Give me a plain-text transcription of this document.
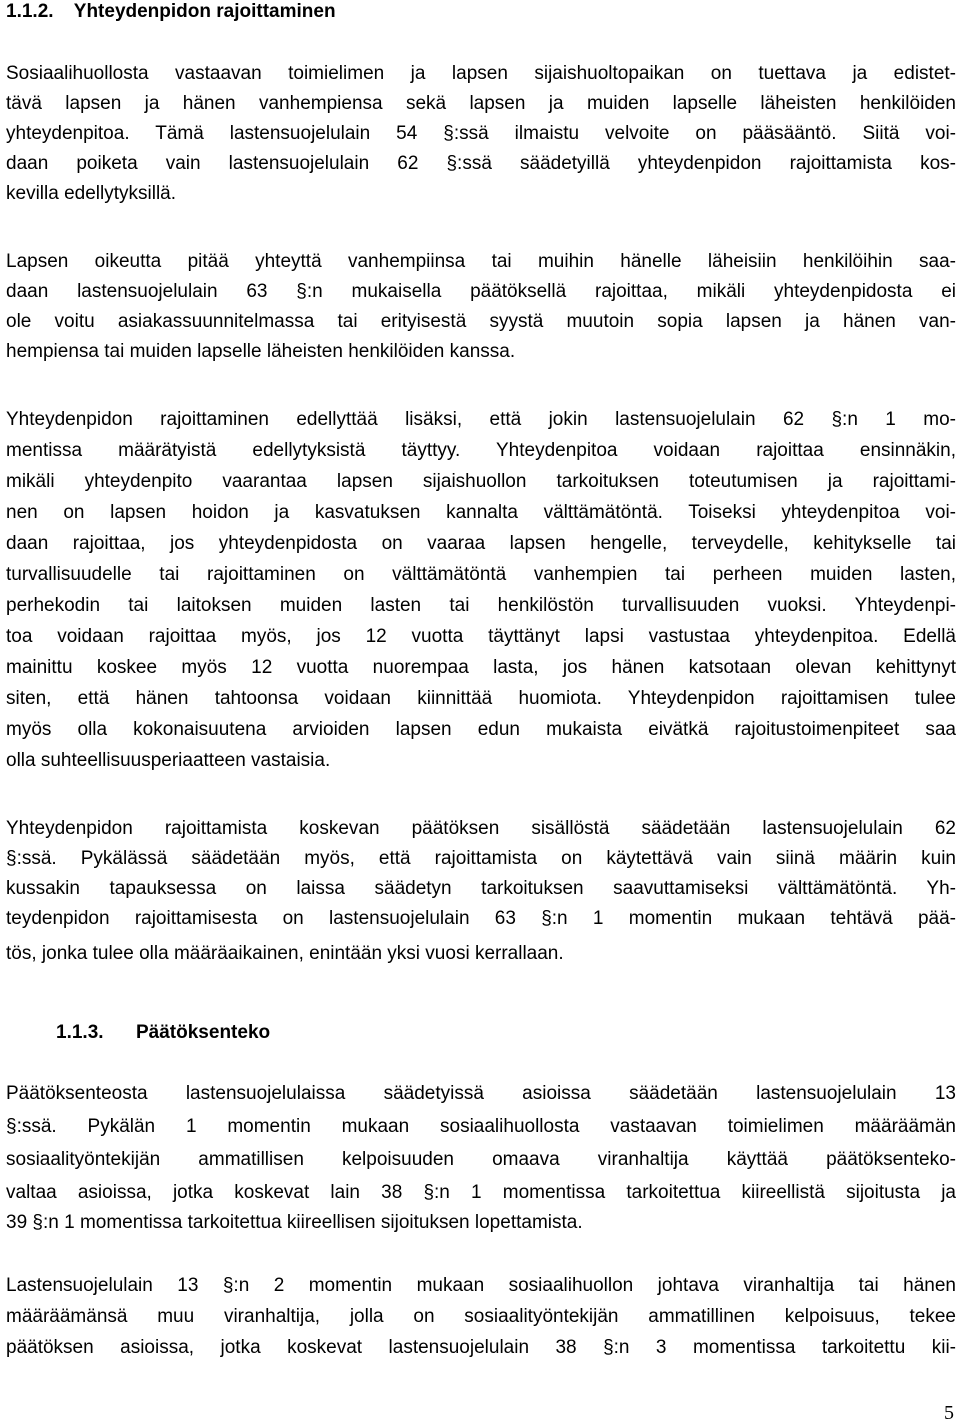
1.1.2. Yhteydenpidon rajoittaminen
Sosiaalihuollosta vastaavan toimielimen ja lapsen sijaishuoltopaikan on tuettava ja edistet-
tävä lapsen ja hänen vanhempiensa sekä lapsen ja muiden lapselle läheisten henkilöiden
yhteydenpitoa. Tämä lastensuojelulain 54 §:ssä ilmaistu velvoite on pääsääntö. Siitä voi-
daan poiketa vain lastensuojelulain 62 §:ssä säädetyillä yhteydenpidon rajoittamista kos-
kevilla edellytyksillä.
Lapsen oikeutta pitää yhteyttä vanhempiinsa tai muihin hänelle läheisiin henkilöihin saa-
daan lastensuojelulain 63 §:n mukaisella päätöksellä rajoittaa, mikäli yhteydenpidosta ei
ole voitu asiakassuunnitelmassa tai erityisestä syystä muutoin sopia lapsen ja hänen van-
hempiensa tai muiden lapselle läheisten henkilöiden kanssa.
Yhteydenpidon rajoittaminen edellyttää lisäksi, että jokin lastensuojelulain 62 §:n 1 mo-
mentissa määrätyistä edellytyksistä täyttyy. Yhteydenpitoa voidaan rajoittaa ensinnäkin,
mikäli yhteydenpito vaarantaa lapsen sijaishuollon tarkoituksen toteutumisen ja rajoittami-
nen on lapsen hoidon ja kasvatuksen kannalta välttämätöntä. Toiseksi yhteydenpitoa voi-
daan rajoittaa, jos yhteydenpidosta on vaaraa lapsen hengelle, terveydelle, kehitykselle tai
turvallisuudelle tai rajoittaminen on välttämätöntä vanhempien tai perheen muiden lasten,
perhekodin tai laitoksen muiden lasten tai henkilöstön turvallisuuden vuoksi. Yhteydenpi-
toa voidaan rajoittaa myös, jos 12 vuotta täyttänyt lapsi vastustaa yhteydenpitoa. Edellä
mainittu koskee myös 12 vuotta nuorempaa lasta, jos hänen katsotaan olevan kehittynyt
siten, että hänen tahtoonsa voidaan kiinnittää huomiota. Yhteydenpidon rajoittamisen tulee
myös olla kokonaisuutena arvioiden lapsen edun mukaista eivätkä rajoitustoimenpiteet saa
olla suhteellisuusperiaatteen vastaisia.
Yhteydenpidon rajoittamista koskevan päätöksen sisällöstä säädetään lastensuojelulain 62
§:ssä. Pykälässä säädetään myös, että rajoittamista on käytettävä vain siinä määrin kuin
kussakin tapauksessa on laissa säädetyn tarkoituksen saavuttamiseksi välttämätöntä. Yh-
teydenpidon rajoittamisesta on lastensuojelulain 63 §:n 1 momentin mukaan tehtävä pää-
tös, jonka tulee olla määräaikainen, enintään yksi vuosi kerrallaan.
1.1.3. Päätöksenteko
Päätöksenteosta lastensuojelulaissa säädetyissä asioissa säädetään lastensuojelulain 13
§:ssä. Pykälän 1 momentin mukaan sosiaalihuollosta vastaavan toimielimen määräämän
sosiaalityöntekijän ammatillisen kelpoisuuden omaava viranhaltija käyttää päätöksenteko-
valtaa asioissa, jotka koskevat lain 38 §:n 1 momentissa tarkoitettua kiireellistä sijoitusta ja
39 §:n 1 momentissa tarkoitettua kiireellisen sijoituksen lopettamista.
Lastensuojelulain 13 §:n 2 momentin mukaan sosiaalihuollon johtava viranhaltija tai hänen
määräämänsä muu viranhaltija, jolla on sosiaalityöntekijän ammatillinen kelpoisuus, tekee
päätöksen asioissa, jotka koskevat lastensuojelulain 38 §:n 3 momentissa tarkoitettu kii-
5
